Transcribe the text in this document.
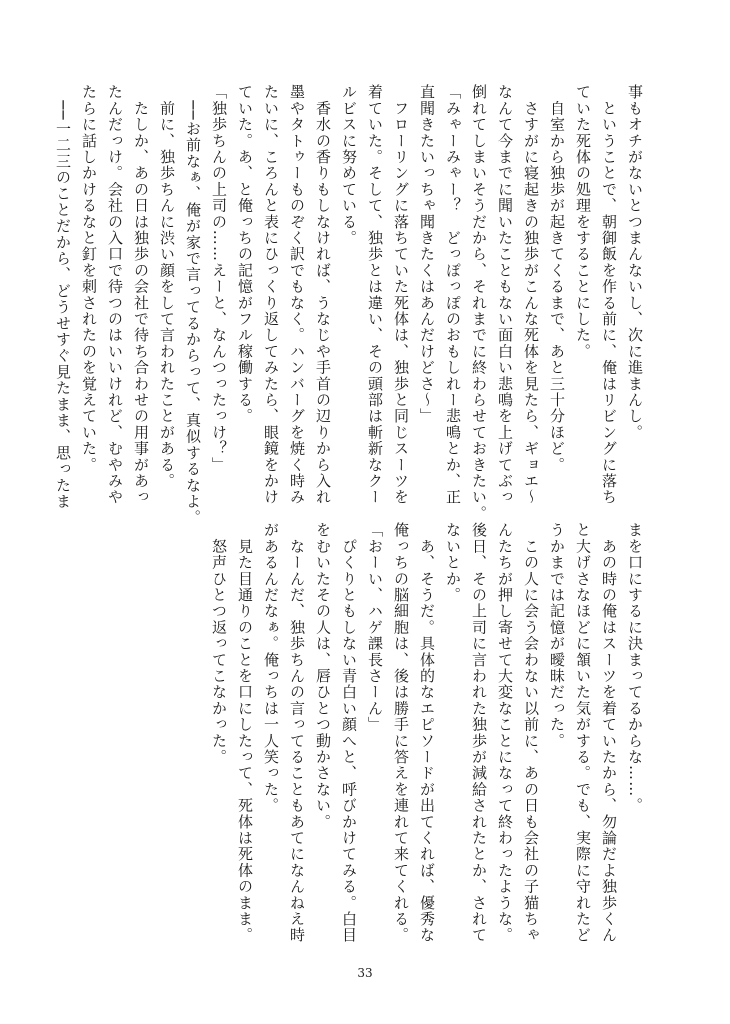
事もオチがないとつまんないし、次に進まんし。

　ということで、朝御飯を作る前に、俺はリビングに落ち

ていた死体の処理をすることにした。

　自室から独歩が起きてくるまで、あと三十分ほど。

　さすがに寝起きの独歩がこんな死体を見たら、ギョエ〜

なんて今までに聞いたこともない面白い悲鳴を上げてぶっ

倒れてしまいそうだから、それまでに終わらせておきたい。

「みゃーみゃー？　どっぽっぽのおもしれー悲鳴とか、正

直聞きたいっちゃ聞きたくはあんだけどさ〜」

　フローリングに落ちていた死体は、独歩と同じスーツを

着ていた。そして、独歩とは違い、その頭部は斬新なクー

ルビスに努めている。

　香水の香りもしなければ、うなじや手首の辺りから入れ

墨やタトゥーものぞく訳でもなく。ハンバーグを焼く時み

たいに、ころんと表にひっくり返してみたら、眼鏡をかけ

ていた。あ、と俺っちの記憶がフル稼働する。

「独歩ちんの上司の……えーと、なんつったっけ？」

　──お前なぁ、俺が家で言ってるからって、真似するなよ。

　前に、独歩ちんに渋い顔をして言われたことがある。

　たしか、あの日は独歩の会社で待ち合わせの用事があっ

たんだっけ。会社の入口で待つのはいいけれど、むやみや

たらに話しかけるなと釘を刺されたのを覚えていた。

　──一二三のことだから、どうせすぐ見たまま、思ったま

まを口にするに決まってるからな……。

　あの時の俺はスーツを着ていたから、勿論だよ独歩くん

と大げさなほどに頷いた気がする。でも、実際に守れたど

うかまでは記憶が曖昧だった。

　この人に会う会わない以前に、あの日も会社の子猫ちゃ

んたちが押し寄せて大変なことになって終わったような。

後日、その上司に言われた独歩が減給されたとか、されて

ないとか。

　あ、そうだ。具体的なエピソードが出てくれば、優秀な

俺っちの脳細胞は、後は勝手に答えを連れて来てくれる。

「おーい、ハゲ課長さーん」

　ぴくりともしない青白い顔へと、呼びかけてみる。白目

をむいたその人は、唇ひとつ動かさない。

　なーんだ、独歩ちんの言ってることもあてになんねえ時

があるんだなぁ。俺っちは一人笑った。

　見た目通りのことを口にしたって、死体は死体のまま。

　怒声ひとつ返ってこなかった。

33
